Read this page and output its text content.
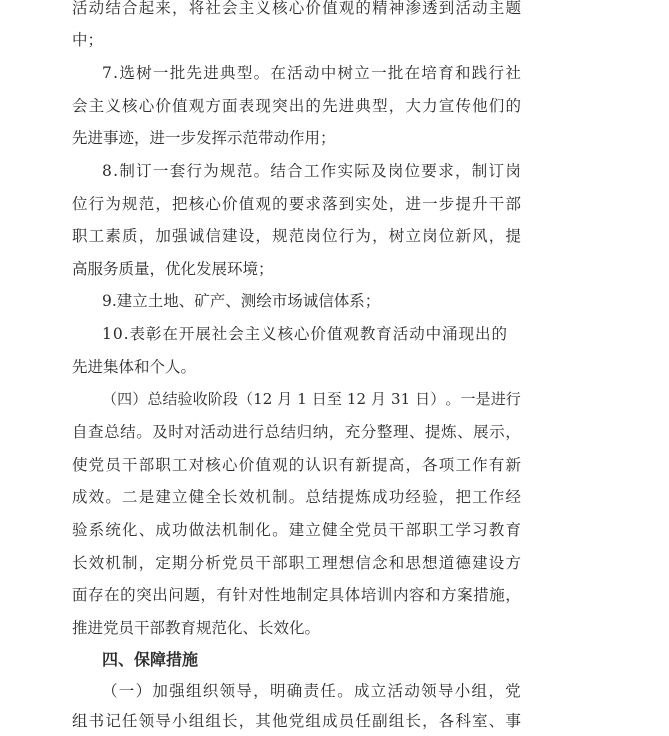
活 动 结 合 起 来 ， 将 社 会 主 义 核 心 价 值 观 的 精 神 渗 透 到 活 动 主 题
中；
7 . 选 树 一 批 先 进 典 型 。 在 活 动 中 树 立 一 批 在 培 育 和 践 行 社
会 主 义 核 心 价 值 观 方 面 表 现 突 出 的 先 进 典 型 ， 大 力 宣 传 他 们 的
先进事迹，进一步发挥示范带动作用；
8 . 制 订 一 套 行 为 规 范 。 结 合 工 作 实 际 及 岗 位 要 求 ， 制 订 岗
位 行 为 规 范 ， 把 核 心 价 值 观 的 要 求 落 到 实 处 ， 进 一 步 提 升 干 部
职 工 素 质 ， 加 强 诚 信 建 设 ， 规 范 岗 位 行 为 ， 树 立 岗 位 新 风 ， 提
高服务质量，优化发展环境；
9.建立土地、矿产、测绘市场诚信体系；
1 0 . 表 彰 在 开 展 社 会 主 义 核 心 价 值 观 教 育 活 动 中 涌 现 出 的
先进集体和个人。
（ 四 ） 总 结 验 收 阶 段 （ 1 2
月
1
日 至
1 2
月
3 1
日 ） 。 一 是 进 行
自 查 总 结 。 及 时 对 活 动 进 行 总 结 归 纳 ， 充 分 整 理 、 提 炼 、 展 示 ，
使 党 员 干 部 职 工 对 核 心 价 值 观 的 认 识 有 新 提 高 ， 各 项 工 作 有 新
成 效 。 二 是 建 立 健 全 长 效 机 制 。 总 结 提 炼 成 功 经 验 ， 把 工 作 经
验 系 统 化 、 成 功 做 法 机 制 化 。 建 立 健 全 党 员 干 部 职 工 学 习 教 育
长 效 机 制 ， 定 期 分 析 党 员 干 部 职 工 理 想 信 念 和 思 想 道 德 建 设 方
面 存 在 的 突 出 问 题 ， 有 针 对 性 地 制 定 具 体 培 训 内 容 和 方 案 措 施 ，
推进党员干部教育规范化、长效化。
四、保障措施
（ 一 ） 加 强 组 织 领 导 ， 明 确 责 任 。 成 立 活 动 领 导 小 组 ， 党
组 书 记 任 领 导 小 组 组 长 ， 其 他 党 组 成 员 任 副 组 长 ， 各 科 室 、 事
